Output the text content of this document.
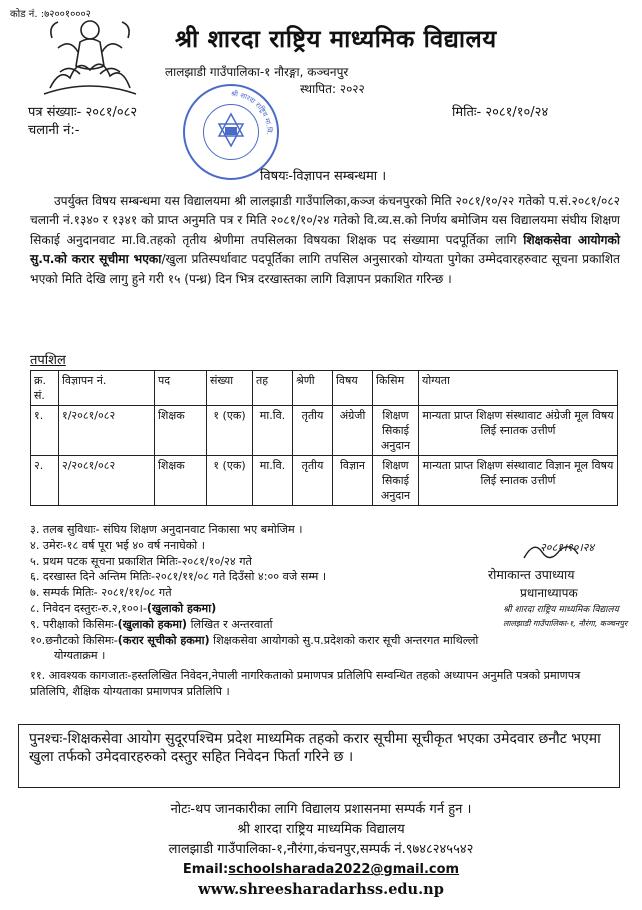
कोड नं. :७२००१०००२
श्री शारदा राष्ट्रिय माध्यमिक विद्यालय
लालझाडी गाउँपालिका-१ नौरङ्गा, कञ्चनपुर
स्थापित: २०२२
श्री शारदा राष्ट्रिय मा.वि.
पत्र संख्याः- २०८१/०८२
चलानी नं:-
मितिः- २०८१/१०/२४
विषयः-विज्ञापन सम्बन्धमा ।

उपर्युक्त विषय सम्बन्धमा यस विद्यालयमा श्री लालझाडी गाउँपालिका,कञ्ज कंचनपुरको मिति २०८१/१०/२२ गतेको प.सं.२०८१/०८२ चलानी नं.१३४० र १३४१ को प्राप्त अनुमति पत्र र मिति २०८१/१०/२४ गतेको वि.व्य.स.को निर्णय बमोजिम यस विद्यालयमा संघीय शिक्षण सिकाई अनुदानवाट मा.वि.तहको तृतीय श्रेणीमा तपसिलका विषयका शिक्षक पद संख्यामा पदपूर्तिका लागि शिक्षकसेवा आयोगको सु.प.को करार सूचीमा भएका/खुला प्रतिस्पर्धावाट पदपूर्तिका लागि तपसिल अनुसारको योग्यता पुगेका उम्मेदवारहरुवाट सूचना प्रकाशित भएको मिति देखि लागु हुने गरी १५ (पन्ध्र) दिन भित्र दरखास्तका लागि विज्ञापन प्रकाशित गरिन्छ ।

तपशिल
क्र. सं.	विज्ञापन नं.	पद	संख्या	तह	श्रेणी	विषय	किसिम	योग्यता
१.	१/२०८१/०८२	शिक्षक	१ (एक)	मा.वि.	तृतीय	अंग्रेजी	शिक्षण सिकाई अनुदान	मान्यता प्राप्त शिक्षण संस्थावाट अंग्रेजी मूल विषय लिई स्नातक उत्तीर्ण
२.	२/२०८१/०८२	शिक्षक	१ (एक)	मा.वि.	तृतीय	विज्ञान	शिक्षण सिकाई अनुदान	मान्यता प्राप्त शिक्षण संस्थावाट विज्ञान मूल विषय लिई स्नातक उत्तीर्ण
३. तलब सुविधाः- संघिय शिक्षण अनुदानवाट निकासा भए बमोजिम ।
४. उमेरः-१८ वर्ष पूरा भई ४० वर्ष ननाघेको ।
५. प्रथम पटक सूचना प्रकाशित मितिः-२०८१/१०/२४ गते
६. दरखास्त दिने अन्तिम मितिः-२०८१/११/०८ गते दिउँसो ४:०० वजे सम्म ।
७. सम्पर्क मितिः- २०८१/११/०८ गते
८. निवेदन दस्तुरः-रु.२,१००।-(खुलाको हकमा)
९. परीक्षाको किसिमः-(खुलाको हकमा) लिखित र अन्तरवार्ता
१०.छनौटको किसिमः-(करार सूचीको हकमा) शिक्षकसेवा आयोगको सु.प.प्रदेशको करार सूची अन्तरगत माथिल्लो
योग्यताक्रम ।
११. आवश्यक कागजातः-हस्तलिखित निवेदन,नेपाली नागरिकताको प्रमाणपत्र प्रतिलिपि सम्वन्धित तहको अध्यापन अनुमति पत्रको प्रमाणपत्र प्रतिलिपि, शैक्षिक योग्यताका प्रमाणपत्र प्रतिलिपि ।
२०८१।१०।२४
रोमाकान्त उपाध्याय
प्रधानाध्यापक
श्री शारदा राष्ट्रिय माध्यमिक विद्यालय
लालझाडी गाउँपालिका-१, नौरंगा, कञ्चनपुर
पुनश्चः-शिक्षकसेवा आयोग सुदूरपश्चिम प्रदेश माध्यमिक तहको करार सूचीमा सूचीकृत भएका उमेदवार छनौट भएमा खुला तर्फको उमेदवारहरुको दस्तुर सहित निवेदन फिर्ता गरिने छ ।
नोटः-थप जानकारीका लागि विद्यालय प्रशासनमा सम्पर्क गर्न हुन ।
श्री शारदा राष्ट्रिय माध्यमिक विद्यालय
लालझाडी गाउँपालिका-१,नौरंगा,कंचनपुर,सम्पर्क नं.९७४८२४५५४२
Email:schoolsharada2022@gmail.com
www.shreesharadarhss.edu.np
